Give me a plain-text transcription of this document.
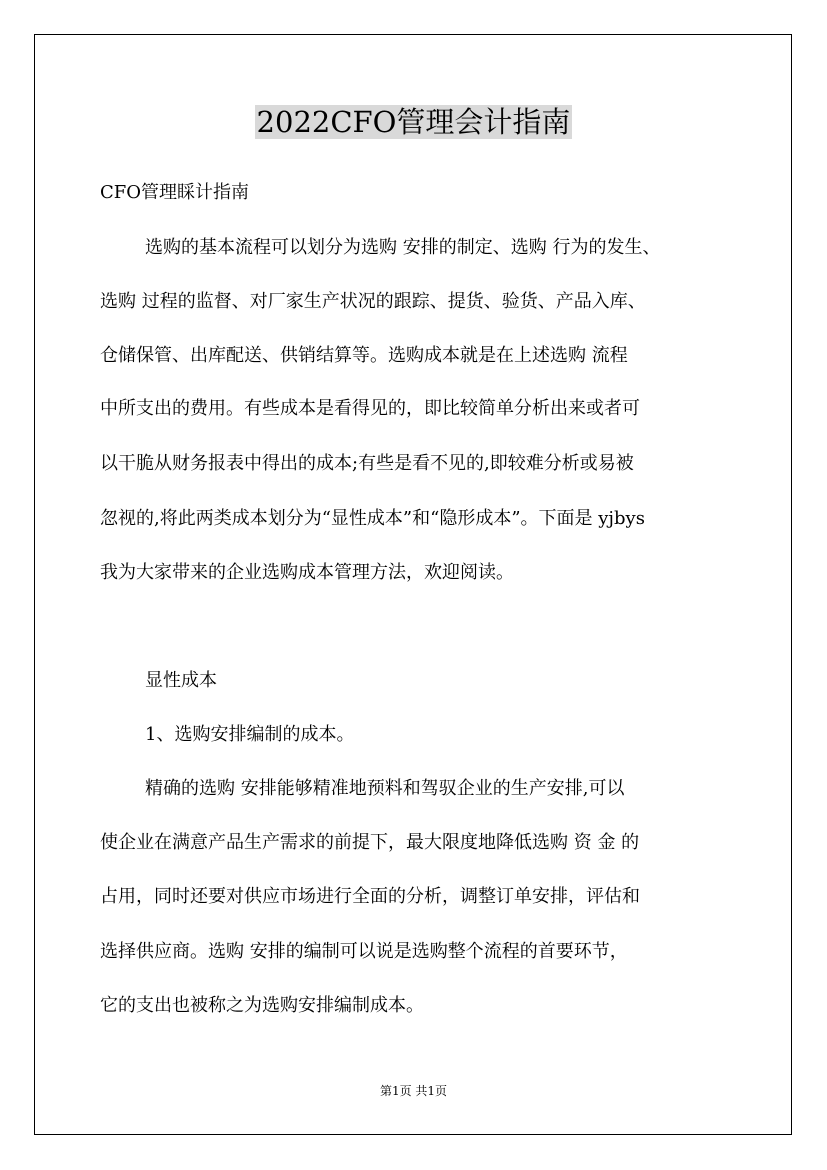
2022CFO管理会计指南
CFO管理睬计指南
选购的基本流程可以划分为选购 安排的制定、选购 行为的发生、
选购 过程的监督、对厂家生产状况的跟踪、提货、验货、产品入库、
仓储保管、出库配送、供销结算等。选购成本就是在上述选购 流程
中所支出的费用。有些成本是看得见的，即比较简单分析出来或者可
以干脆从财务报表中得出的成本;有些是看不见的,即较难分析或易被
忽视的,将此两类成本划分为“显性成本”和“隐形成本”。下面是 yjbys
我为大家带来的企业选购成本管理方法，欢迎阅读。
显性成本
1、选购安排编制的成本。
精确的选购 安排能够精准地预料和驾驭企业的生产安排,可以
使企业在满意产品生产需求的前提下，最大限度地降低选购 资 金 的
占用，同时还要对供应市场进行全面的分析，调整订单安排，评估和
选择供应商。选购 安排的编制可以说是选购整个流程的首要环节，
它的支出也被称之为选购安排编制成本。
第1页 共1页
